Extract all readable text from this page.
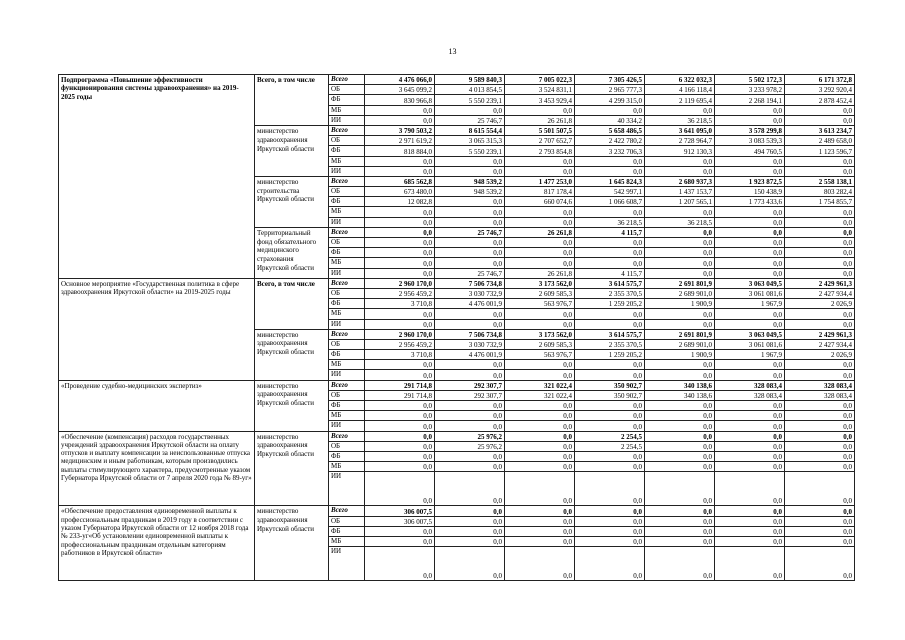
13
Подпрограмма «Повышение эффективности функционирования системы здравоохранения» на 2019-2025 годы	Всего, в том числе	Всего	4 476 066,0	9 589 840,3	7 005 022,3	7 305 426,5	6 322 032,3	5 502 172,3	6 171 372,8
		ОБ	3 645 099,2	4 013 854,5	3 524 831,1	2 965 777,3	4 166 118,4	3 233 978,2	3 292 920,4
		ФБ	830 966,8	5 550 239,1	3 453 929,4	4 299 315,0	2 119 695,4	2 268 194,1	2 878 452,4
		МБ	0,0	0,0	0,0	0,0	0,0	0,0	0,0
		ИИ	0,0	25 746,7	26 261,8	40 334,2	36 218,5	0,0	0,0
	министерство здравоохранения Иркутской области	Всего	3 790 503,2	8 615 554,4	5 501 507,5	5 658 486,5	3 641 095,0	3 578 299,8	3 613 234,7
		ОБ	2 971 619,2	3 065 315,3	2 707 652,7	2 422 780,2	2 728 964,7	3 083 539,3	2 489 658,0
		ФБ	818 884,0	5 550 239,1	2 793 854,8	3 232 706,3	912 130,3	494 760,5	1 123 596,7
		МБ	0,0	0,0	0,0	0,0	0,0	0,0	0,0
		ИИ	0,0	0,0	0,0	0,0	0,0	0,0	0,0
	министерство строительства Иркутской области	Всего	685 562,8	948 539,2	1 477 253,0	1 645 824,3	2 680 937,3	1 923 872,5	2 558 138,1
		ОБ	673 480,0	948 539,2	817 178,4	542 997,1	1 437 153,7	150 438,9	803 282,4
		ФБ	12 082,8	0,0	660 074,6	1 066 608,7	1 207 565,1	1 773 433,6	1 754 855,7
		МБ	0,0	0,0	0,0	0,0	0,0	0,0	0,0
		ИИ	0,0	0,0	0,0	36 218,5	36 218,5	0,0	0,0
	Территориальный фонд обязательного медицинского страхования Иркутской области	Всего	0,0	25 746,7	26 261,8	4 115,7	0,0	0,0	0,0
		ОБ	0,0	0,0	0,0	0,0	0,0	0,0	0,0
		ФБ	0,0	0,0	0,0	0,0	0,0	0,0	0,0
		МБ	0,0	0,0	0,0	0,0	0,0	0,0	0,0
		ИИ	0,0	25 746,7	26 261,8	4 115,7	0,0	0,0	0,0
Основное мероприятие «Государственная политика в сфере здравоохранения Иркутской области» на 2019-2025 годы	Всего, в том числе	Всего	2 960 170,0	7 506 734,8	3 173 562,0	3 614 575,7	2 691 801,9	3 063 049,5	2 429 961,3
		ОБ	2 956 459,2	3 030 732,9	2 609 585,3	2 355 370,5	2 689 901,0	3 061 081,6	2 427 934,4
		ФБ	3 710,8	4 476 001,9	563 976,7	1 259 205,2	1 900,9	1 967,9	2 026,9
		МБ	0,0	0,0	0,0	0,0	0,0	0,0	0,0
		ИИ	0,0	0,0	0,0	0,0	0,0	0,0	0,0
	министерство здравоохранения Иркутской области	Всего	2 960 170,0	7 506 734,8	3 173 562,0	3 614 575,7	2 691 801,9	3 063 049,5	2 429 961,3
		ОБ	2 956 459,2	3 030 732,9	2 609 585,3	2 355 370,5	2 689 901,0	3 061 081,6	2 427 934,4
		ФБ	3 710,8	4 476 001,9	563 976,7	1 259 205,2	1 900,9	1 967,9	2 026,9
		МБ	0,0	0,0	0,0	0,0	0,0	0,0	0,0
		ИИ	0,0	0,0	0,0	0,0	0,0	0,0	0,0
«Проведение судебно-медицинских экспертиз»	министерство здравоохранения Иркутской области	Всего	291 714,8	292 307,7	321 022,4	350 902,7	340 138,6	328 083,4	328 083,4
		ОБ	291 714,8	292 307,7	321 022,4	350 902,7	340 138,6	328 083,4	328 083,4
		ФБ	0,0	0,0	0,0	0,0	0,0	0,0	0,0
		МБ	0,0	0,0	0,0	0,0	0,0	0,0	0,0
		ИИ	0,0	0,0	0,0	0,0	0,0	0,0	0,0
«Обеспечение (компенсация) расходов государственных учреждений здравоохранения Иркутской области на оплату отпусков и выплату компенсации за неиспользованные отпуска медицинским и иным работникам, которым производились выплаты стимулирующего характера, предусмотренные указом Губернатора Иркутской области от 7 апреля 2020 года № 89-уг»	министерство здравоохранения Иркутской области	Всего	0,0	25 976,2	0,0	2 254,5	0,0	0,0	0,0
		ОБ	0,0	25 976,2	0,0	2 254,5	0,0	0,0	0,0
		ФБ	0,0	0,0	0,0	0,0	0,0	0,0	0,0
		МБ	0,0	0,0	0,0	0,0	0,0	0,0	0,0
		ИИ	0,0	0,0	0,0	0,0	0,0	0,0	0,0
«Обеспечение предоставления единовременной выплаты к профессиональным праздникам в 2019 году в соответствии с указом Губернатора Иркутской области от 12 ноября 2018 года № 233-уг«Об установлении единовременной выплаты к профессиональным праздникам отдельным категориям работников в Иркутской области»	министерство здравоохранения Иркутской области	Всего	306 007,5	0,0	0,0	0,0	0,0	0,0	0,0
		ОБ	306 007,5	0,0	0,0	0,0	0,0	0,0	0,0
		ФБ	0,0	0,0	0,0	0,0	0,0	0,0	0,0
		МБ	0,0	0,0	0,0	0,0	0,0	0,0	0,0
		ИИ	0,0	0,0	0,0	0,0	0,0	0,0	0,0
